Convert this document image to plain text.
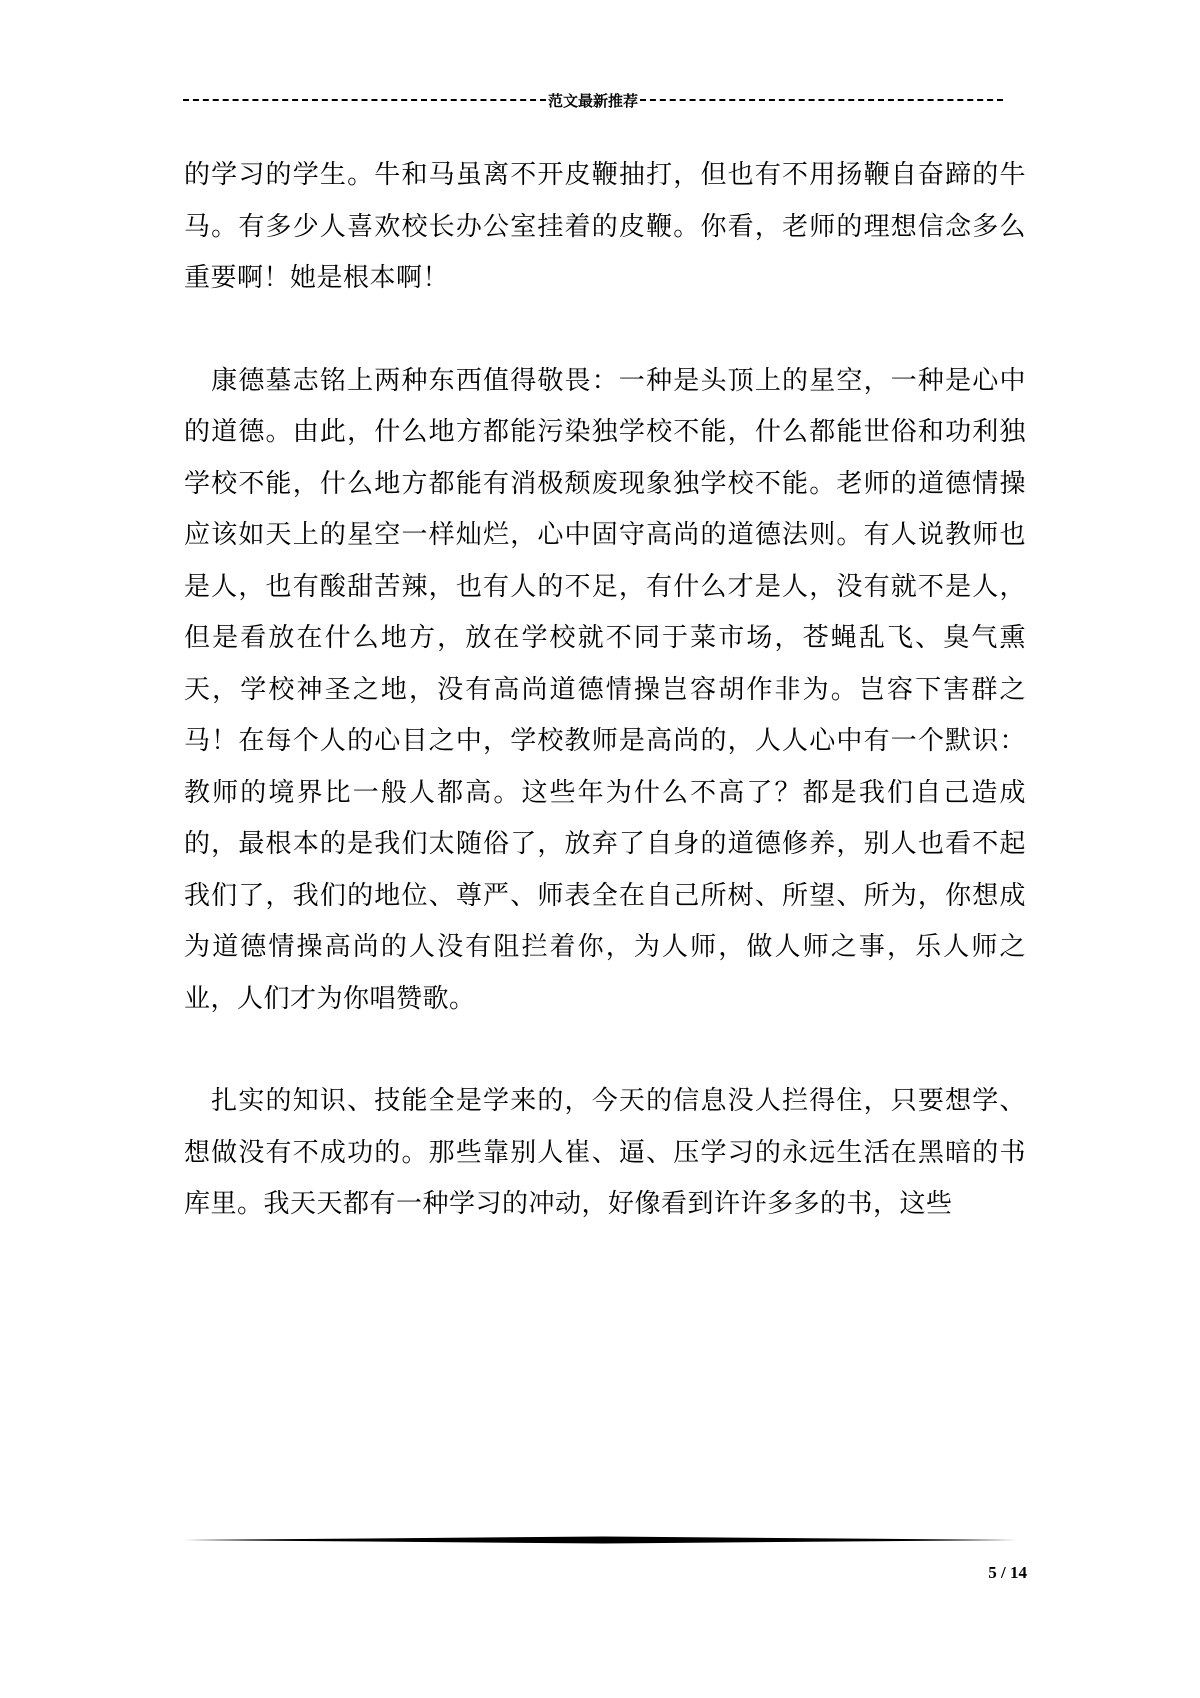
范文最新推荐

的学习的学生。牛和马虽离不开皮鞭抽打，但也有不用扬鞭自奋蹄的牛马。有多少人喜欢校长办公室挂着的皮鞭。你看，老师的理想信念多么重要啊！她是根本啊！

　康德墓志铭上两种东西值得敬畏：一种是头顶上的星空，一种是心中的道德。由此，什么地方都能污染独学校不能，什么都能世俗和功利独学校不能，什么地方都能有消极颓废现象独学校不能。老师的道德情操应该如天上的星空一样灿烂，心中固守高尚的道德法则。有人说教师也是人，也有酸甜苦辣，也有人的不足，有什么才是人，没有就不是人，但是看放在什么地方，放在学校就不同于菜市场，苍蝇乱飞、臭气熏天，学校神圣之地，没有高尚道德情操岂容胡作非为。岂容下害群之马！在每个人的心目之中，学校教师是高尚的，人人心中有一个默识：教师的境界比一般人都高。这些年为什么不高了？都是我们自己造成的，最根本的是我们太随俗了，放弃了自身的道德修养，别人也看不起我们了，我们的地位、尊严、师表全在自己所树、所望、所为，你想成为道德情操高尚的人没有阻拦着你，为人师，做人师之事，乐人师之业，人们才为你唱赞歌。

　扎实的知识、技能全是学来的，今天的信息没人拦得住，只要想学、想做没有不成功的。那些靠别人崔、逼、压学习的永远生活在黑暗的书库里。我天天都有一种学习的冲动，好像看到许许多多的书，这些

5 / 14
